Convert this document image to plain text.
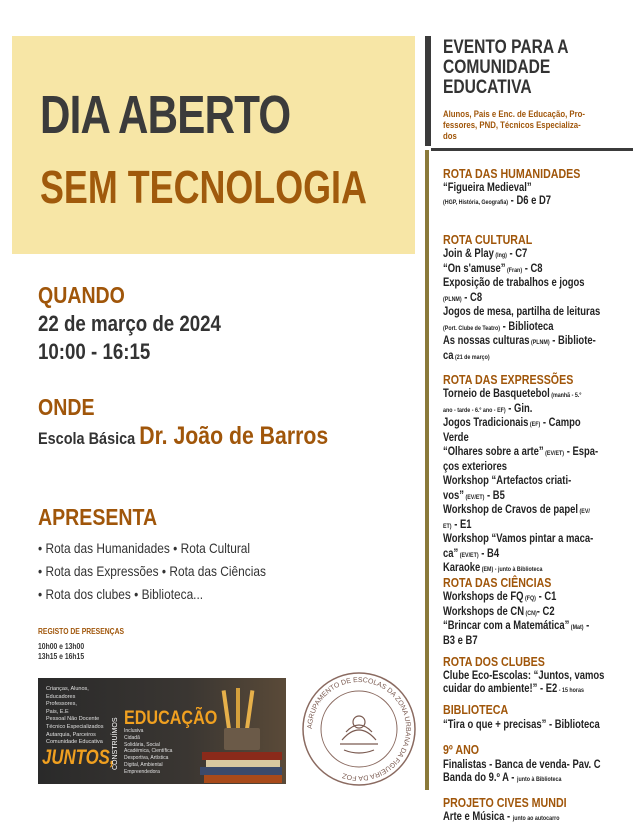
DIA ABERTO
SEM TECNOLOGIA
QUANDO
22 de março de 2024
10:00 - 16:15
ONDE
Escola Básica Dr. João de Barros
APRESENTA
• Rota das Humanidades • Rota Cultural
• Rota das Expressões • Rota das Ciências
• Rota dos clubes • Biblioteca...
REGISTO DE PRESENÇAS
10h00 e 13h00
13h15 e 16h15
Crianças, Alunos,
Educadores
Professores,
Pais, E.E
Pessoal Não Docente
Técnico Especializados
Autarquia, Parceiros
Comunidade Educativa
JUNTOS,
CONSTRUÍMOS EDUCAÇÃO
Inclusiva
Cidadã
Solidária, Social
Académica, Científica
Desportiva, Artística
Digital, Ambiental
Empreendedora
AGRUPAMENTO DE ESCOLAS DA ZONA URBANA DA FIGUEIRA DA FOZ
EVENTO PARA A
COMUNIDADE
EDUCATIVA
Alunos, Pais e Enc. de Educação, Pro-
fessores, PND, Técnicos Especializa-
dos
ROTA DAS HUMANIDADES
“Figueira Medieval”
(HGP, História, Geografia) - D6 e D7
ROTA CULTURAL
Join & Play (Ing) - C7
“On s'amuse” (Fran) - C8
Exposição de trabalhos e jogos
(PLNM) - C8
Jogos de mesa, partilha de leituras
(Port. Clube de Teatro) - Biblioteca
As nossas culturas (PLNM) - Bibliote-
ca (21 de março)
ROTA DAS EXPRESSÕES
Torneio de Basquetebol (manhã - 5.º
ano - tarde - 6.º ano - EF) - Gin.
Jogos Tradicionais (EF) - Campo
Verde
“Olhares sobre a arte” (EV/ET) - Espa-
ços exteriores
Workshop “Artefactos criati-
vos” (EV/ET) - B5
Workshop de Cravos de papel (EV/
ET) - E1
Workshop “Vamos pintar a maca-
ca” (EV/ET) - B4
Karaoke (EM) - junto à Biblioteca
ROTA DAS CIÊNCIAS
Workshops de FQ (FQ) - C1
Workshops de CN (CN)- C2
“Brincar com a Matemática” (Mat) -
B3 e B7
ROTA DOS CLUBES
Clube Eco-Escolas: “Juntos, vamos
cuidar do ambiente!” - E2 - 15 horas
BIBLIOTECA
“Tira o que + precisas” - Biblioteca
9º ANO
Finalistas - Banca de venda- Pav. C
Banda do 9.º A - junto à Biblioteca
PROJETO CIVES MUNDI
Arte e Música - junto ao autocarro
